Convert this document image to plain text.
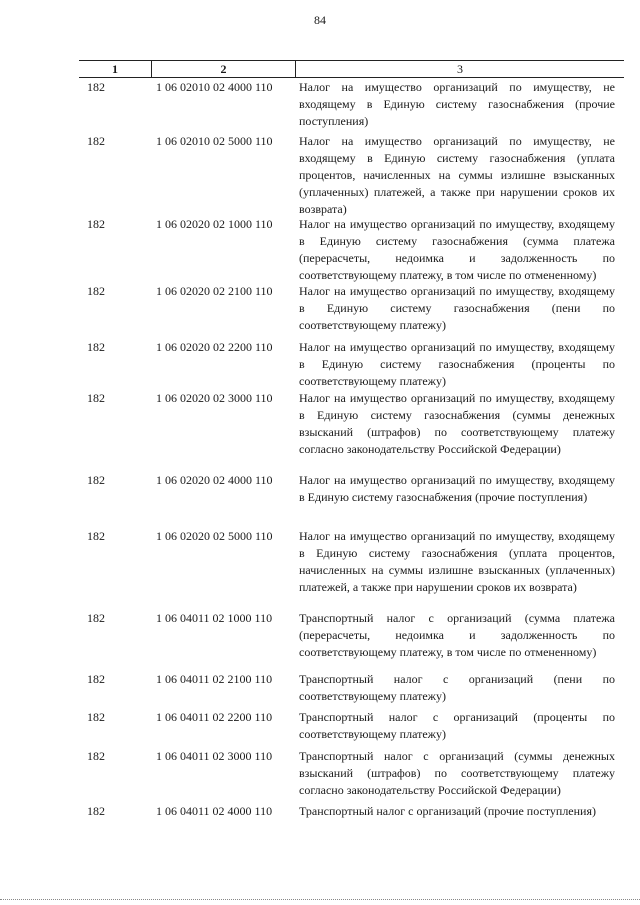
84
1	2	3
182	1 06 02010 02 4000 110	Налог на имущество организаций по имуществу, не входящему в Единую систему газоснабжения (прочие поступления)
182	1 06 02010 02 5000 110	Налог на имущество организаций по имуществу, не входящему в Единую систему газоснабжения (уплата процентов, начисленных на суммы излишне взысканных (уплаченных) платежей, а также при нарушении сроков их возврата)
182	1 06 02020 02 1000 110	Налог на имущество организаций по имуществу, входящему в Единую систему газоснабжения (сумма платежа (перерасчеты, недоимка и задолженность по соответствующему платежу, в том числе по отмененному)
182	1 06 02020 02 2100 110	Налог на имущество организаций по имуществу, входящему в Единую систему газоснабжения (пени по соответствующему платежу)
182	1 06 02020 02 2200 110	Налог на имущество организаций по имуществу, входящему в Единую систему газоснабжения (проценты по соответствующему платежу)
182	1 06 02020 02 3000 110	Налог на имущество организаций по имуществу, входящему в Единую систему газоснабжения (суммы денежных взысканий (штрафов) по соответствующему платежу согласно законодательству Российской Федерации)
182	1 06 02020 02 4000 110	Налог на имущество организаций по имуществу, входящему в Единую систему газоснабжения (прочие поступления)
182	1 06 02020 02 5000 110	Налог на имущество организаций по имуществу, входящему в Единую систему газоснабжения (уплата процентов, начисленных на суммы излишне взысканных (уплаченных) платежей, а также при нарушении сроков их возврата)
182	1 06 04011 02 1000 110	Транспортный налог с организаций (сумма платежа (перерасчеты, недоимка и задолженность по соответствующему платежу, в том числе по отмененному)
182	1 06 04011 02 2100 110	Транспортный налог с организаций (пени по соответствующему платежу)
182	1 06 04011 02 2200 110	Транспортный налог с организаций (проценты по соответствующему платежу)
182	1 06 04011 02 3000 110	Транспортный налог с организаций (суммы денежных взысканий (штрафов) по соответствующему платежу согласно законодательству Российской Федерации)
182	1 06 04011 02 4000 110	Транспортный налог с организаций (прочие поступления)
